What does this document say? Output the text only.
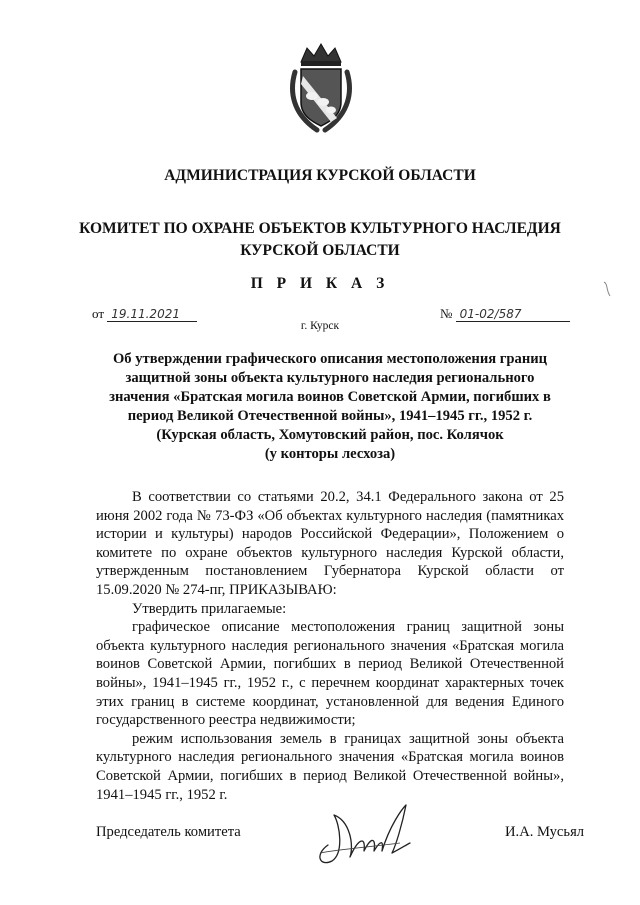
АДМИНИСТРАЦИЯ КУРСКОЙ ОБЛАСТИ
КОМИТЕТ ПО ОХРАНЕ ОБЪЕКТОВ КУЛЬТУРНОГО НАСЛЕДИЯ
КУРСКОЙ ОБЛАСТИ
П Р И К А З
от 19.11.2021	№ 01-02/587
г. Курск
Об утверждении графического описания местоположения границ
защитной зоны объекта культурного наследия регионального
значения «Братская могила воинов Советской Армии, погибших в
период Великой Отечественной войны», 1941–1945 гг., 1952 г.
(Курская область, Хомутовский район, пос. Колячок
(у конторы лесхоза)

В соответствии со статьями 20.2, 34.1 Федерального закона от 25 июня 2002 года № 73-ФЗ «Об объектах культурного наследия (памятниках истории и культуры) народов Российской Федерации», Положением о комитете по охране объектов культурного наследия Курской области, утвержденным постановлением Губернатора Курской области от 15.09.2020 № 274-пг, ПРИКАЗЫВАЮ:

Утвердить прилагаемые:

графическое описание местоположения границ защитной зоны объекта культурного наследия регионального значения «Братская могила воинов Советской Армии, погибших в период Великой Отечественной войны», 1941–1945 гг., 1952 г., с перечнем координат характерных точек этих границ в системе координат, установленной для ведения Единого государственного реестра недвижимости;

режим использования земель в границах защитной зоны объекта культурного наследия регионального значения «Братская могила воинов Советской Армии, погибших в период Великой Отечественной войны», 1941–1945 гг., 1952 г.

Председатель комитета	И.А. Мусьял
